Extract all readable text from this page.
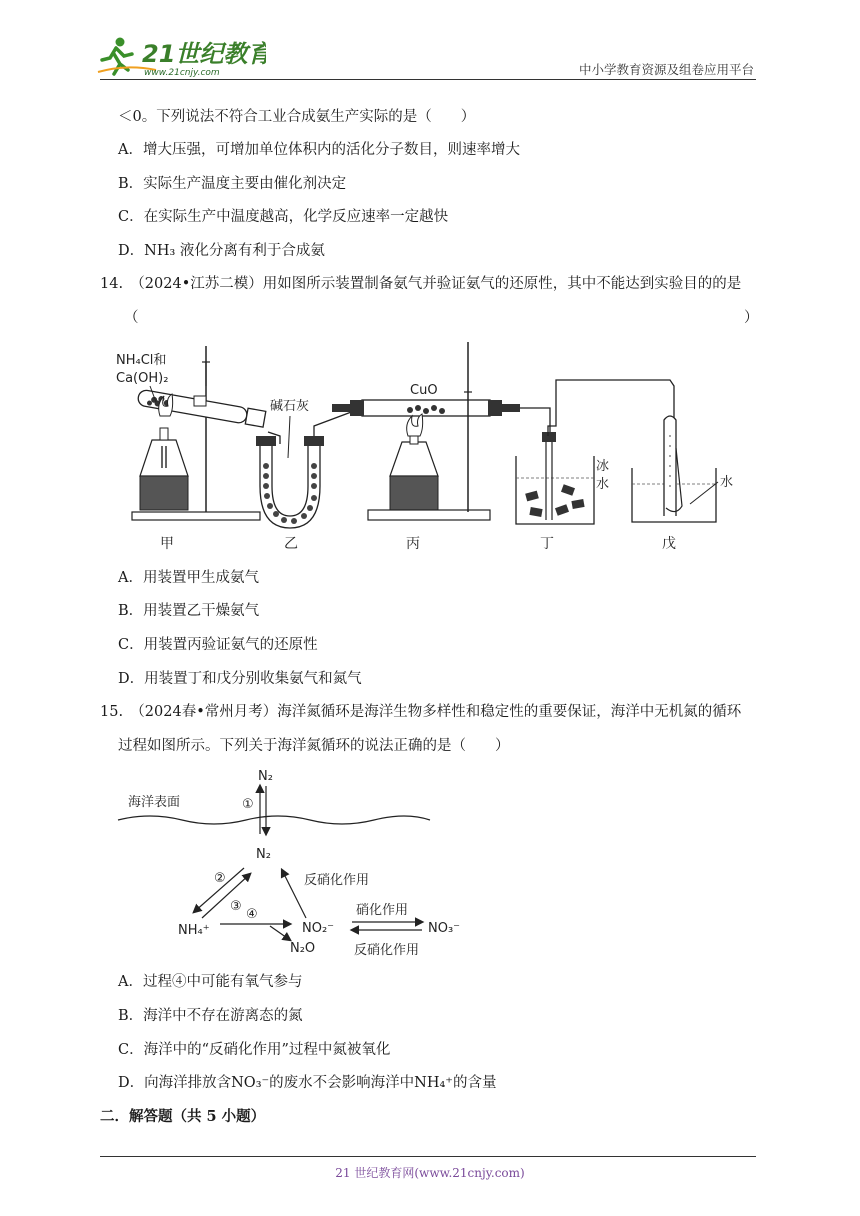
21世纪教育
www.21cnjy.com	中小学教育资源及组卷应用平台
＜0。下列说法不符合工业合成氨生产实际的是（　　）
A．增大压强，可增加单位体积内的活化分子数目，则速率增大
B．实际生产温度主要由催化剂决定
C．在实际生产中温度越高，化学反应速率一定越快
D．NH₃ 液化分离有利于合成氨
14.　（2024•江苏二模）用如图所示装置制备氨气并验证氨气的还原性，其中不能达到实验目的的是
（	）
NH₄Cl和
Ca(OH)₂
碱石灰
CuO
冰
水	水
甲	乙	丙	丁	戊
A．用装置甲生成氨气
B．用装置乙干燥氨气
C．用装置丙验证氨气的还原性
D．用装置丁和戊分别收集氨气和氮气
15.　（2024春•常州月考）海洋氮循环是海洋生物多样性和稳定性的重要保证，海洋中无机氮的循环
过程如图所示。下列关于海洋氮循环的说法正确的是（　　）
N₂
海洋表面	①
N₂
②
③
反硝化作用
NH₄⁺
④
NO₂⁻
N₂O
硝化作用
NO₃⁻
反硝化作用
A．过程④中可能有氧气参与
B．海洋中不存在游离态的氮
C．海洋中的“反硝化作用”过程中氮被氧化
D．向海洋排放含NO₃⁻的废水不会影响海洋中NH₄⁺的含量
二．解答题（共 5 小题）
21 世纪教育网(www.21cnjy.com)
